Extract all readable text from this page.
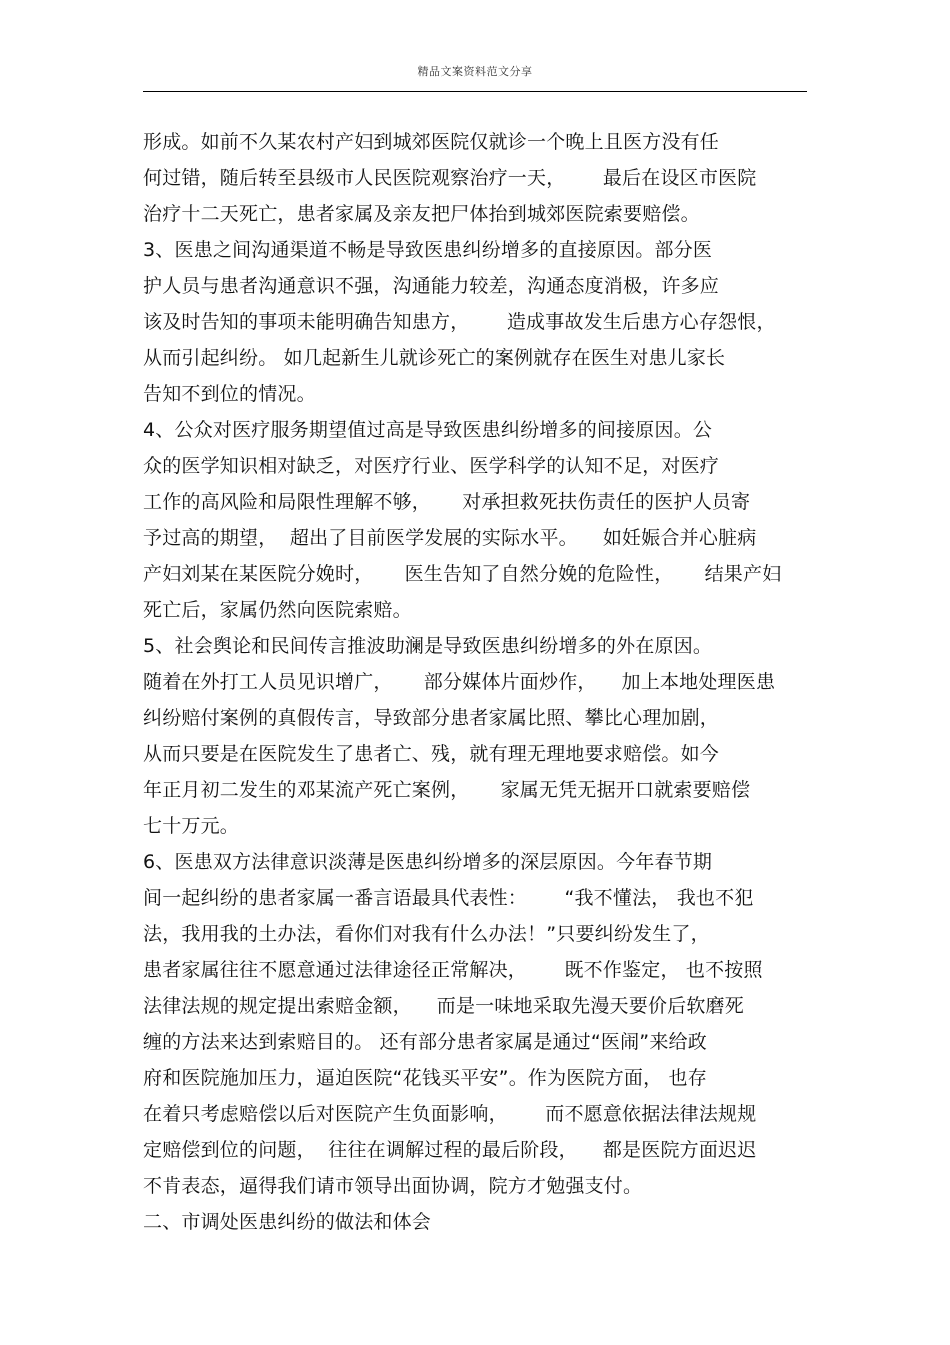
精品文案资料范文分享
形成。如前不久某农村产妇到城郊医院仅就诊一个晚上且医方没有任
何过错，随后转至县级市人民医院观察治疗一天，      最后在设区市医院
治疗十二天死亡，患者家属及亲友把尸体抬到城郊医院索要赔偿。
3、医患之间沟通渠道不畅是导致医患纠纷增多的直接原因。部分医
护人员与患者沟通意识不强，沟通能力较差，沟通态度消极，许多应
该及时告知的事项未能明确告知患方，      造成事故发生后患方心存怨恨，
从而引起纠纷。 如几起新生儿就诊死亡的案例就存在医生对患儿家长
告知不到位的情况。
4、公众对医疗服务期望值过高是导致医患纠纷增多的间接原因。公
众的医学知识相对缺乏，对医疗行业、医学科学的认知不足，对医疗
工作的高风险和局限性理解不够，     对承担救死扶伤责任的医护人员寄
予过高的期望，  超出了目前医学发展的实际水平。    如妊娠合并心脏病
产妇刘某在某医院分娩时，     医生告知了自然分娩的危险性，     结果产妇
死亡后，家属仍然向医院索赔。
5、社会舆论和民间传言推波助澜是导致医患纠纷增多的外在原因。
随着在外打工人员见识增广，     部分媒体片面炒作，    加上本地处理医患
纠纷赔付案例的真假传言，导致部分患者家属比照、攀比心理加剧，
从而只要是在医院发生了患者亡、残，就有理无理地要求赔偿。如今
年正月初二发生的邓某流产死亡案例，     家属无凭无据开口就索要赔偿
七十万元。
6、医患双方法律意识淡薄是医患纠纷增多的深层原因。今年春节期
间一起纠纷的患者家属一番言语最具代表性：      “我不懂法， 我也不犯
法，我用我的土办法，看你们对我有什么办法！”只要纠纷发生了，
患者家属往往不愿意通过法律途径正常解决，      既不作鉴定， 也不按照
法律法规的规定提出索赔金额，    而是一味地采取先漫天要价后软磨死
缠的方法来达到索赔目的。 还有部分患者家属是通过“医闹”来给政
府和医院施加压力，逼迫医院“花钱买平安”。作为医院方面， 也存
在着只考虑赔偿以后对医院产生负面影响，      而不愿意依据法律法规规
定赔偿到位的问题，  往往在调解过程的最后阶段，    都是医院方面迟迟
不肯表态，逼得我们请市领导出面协调，院方才勉强支付。
二、市调处医患纠纷的做法和体会
